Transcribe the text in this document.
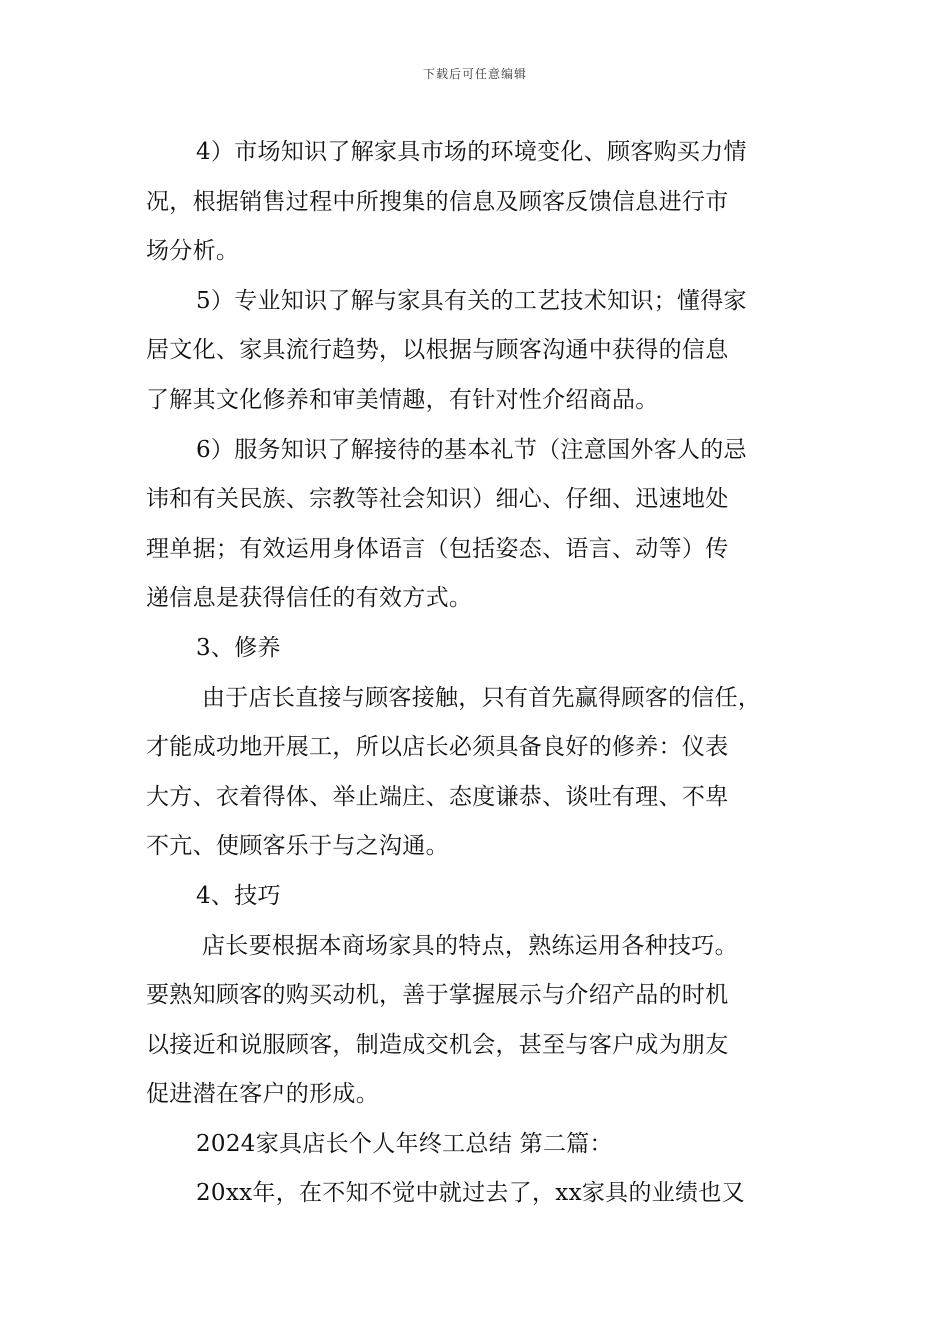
下载后可任意编辑
4）市场知识了解家具市场的环境变化、顾客购买力情
况，根据销售过程中所搜集的信息及顾客反馈信息进行市
场分析。
5）专业知识了解与家具有关的工艺技术知识；懂得家
居文化、家具流行趋势，以根据与顾客沟通中获得的信息
了解其文化修养和审美情趣，有针对性介绍商品。
6）服务知识了解接待的基本礼节（注意国外客人的忌
讳和有关民族、宗教等社会知识）细心、仔细、迅速地处
理单据；有效运用身体语言（包括姿态、语言、动等）传
递信息是获得信任的有效方式。
3、修养
由于店长直接与顾客接触，只有首先赢得顾客的信任，
才能成功地开展工，所以店长必须具备良好的修养：仪表
大方、衣着得体、举止端庄、态度谦恭、谈吐有理、不卑
不亢、使顾客乐于与之沟通。
4、技巧
店长要根据本商场家具的特点，熟练运用各种技巧。
要熟知顾客的购买动机，善于掌握展示与介绍产品的时机
以接近和说服顾客，制造成交机会，甚至与客户成为朋友
促进潜在客户的形成。
2024家具店长个人年终工总结 第二篇：
20xx年，在不知不觉中就过去了，xx家具的业绩也又
